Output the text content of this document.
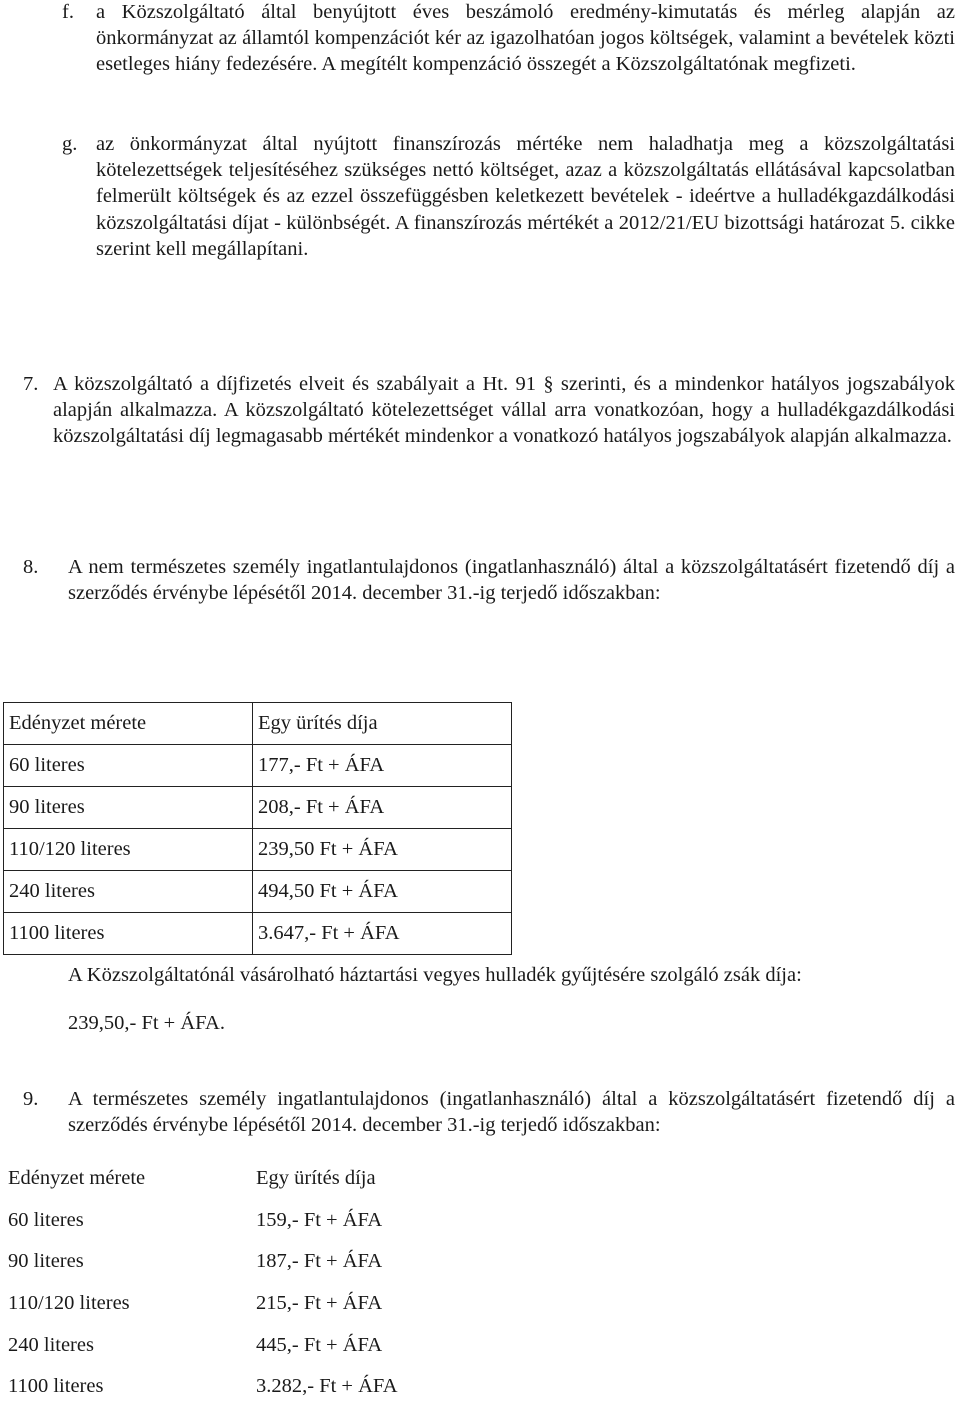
f.	a Közszolgáltató által benyújtott éves beszámoló eredmény-kimutatás és mérleg alapján az önkormányzat az államtól kompenzációt kér az igazolhatóan jogos költségek, valamint a bevételek közti esetleges hiány fedezésére. A megítélt kompenzáció összegét a Közszolgáltatónak megfizeti.
g. az önkormányzat által nyújtott finanszírozás mértéke nem haladhatja meg a közszolgáltatási kötelezettségek teljesítéséhez szükséges nettó költséget, azaz a közszolgáltatás ellátásával kapcsolatban felmerült költségek és az ezzel összefüggésben keletkezett bevételek - ideértve a hulladékgazdálkodási közszolgáltatási díjat - különbségét. A finanszírozás mértékét a 2012/21/EU bizottsági határozat 5. cikke szerint kell megállapítani.
7. A közszolgáltató a díjfizetés elveit és szabályait a Ht. 91 § szerinti, és a mindenkor hatályos jogszabályok alapján alkalmazza. A közszolgáltató kötelezettséget vállal arra vonatkozóan, hogy a hulladékgazdálkodási közszolgáltatási díj legmagasabb mértékét mindenkor a vonatkozó hatályos jogszabályok alapján alkalmazza.
8.	A nem természetes személy ingatlantulajdonos (ingatlanhasználó) által a közszolgáltatásért fizetendő díj a szerződés érvénybe lépésétől 2014. december 31.-ig terjedő időszakban:
Edényzet mérete	Egy ürítés díja
60 literes	177,- Ft + ÁFA
90 literes	208,- Ft + ÁFA
110/120 literes	239,50 Ft + ÁFA
240 literes	494,50 Ft + ÁFA
1100 literes	3.647,- Ft + ÁFA
A Közszolgáltatónál vásárolható háztartási vegyes hulladék gyűjtésére szolgáló zsák díja:
239,50,- Ft + ÁFA.
9.	A természetes személy ingatlantulajdonos (ingatlanhasználó) által a közszolgáltatásért fizetendő díj a szerződés érvénybe lépésétől 2014. december 31.-ig terjedő időszakban:
Edényzet mérete	Egy ürítés díja
60 literes	159,- Ft + ÁFA
90 literes	187,- Ft + ÁFA
110/120 literes	215,- Ft + ÁFA
240 literes	445,- Ft + ÁFA
1100 literes	3.282,- Ft + ÁFA
